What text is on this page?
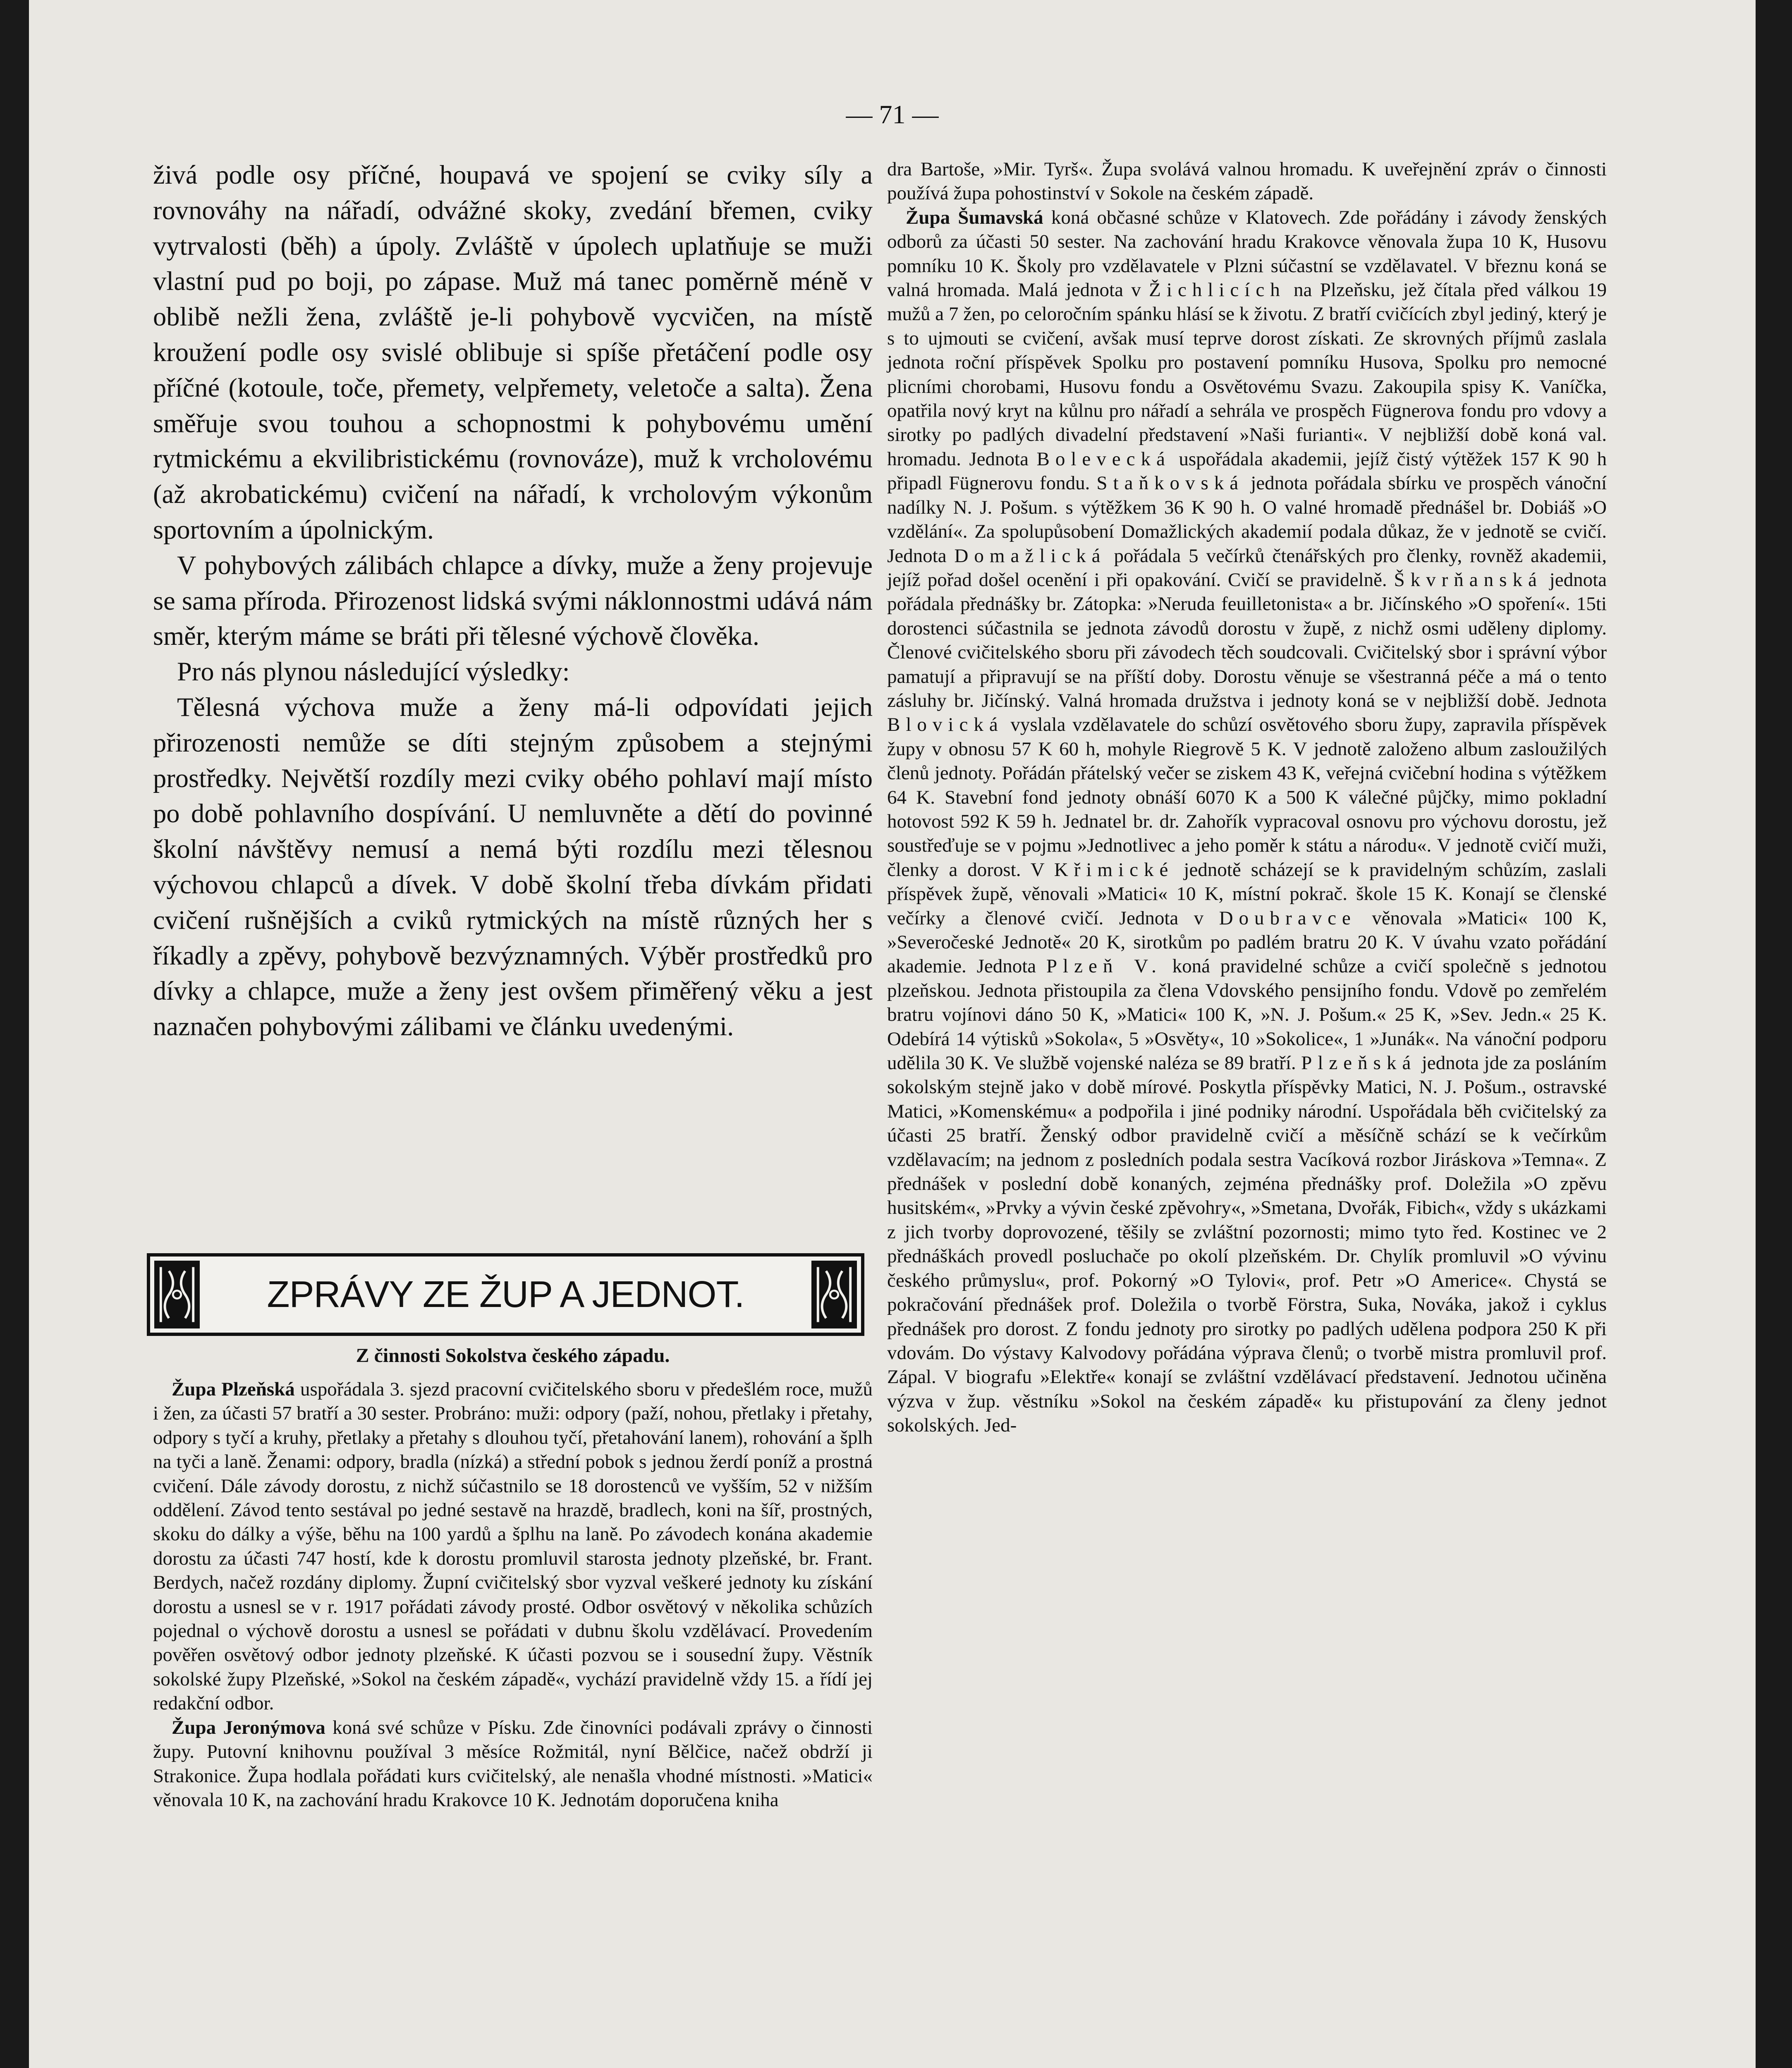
— 71 —

živá podle osy příčné, houpavá ve spojení se cviky síly a rovnováhy na nářadí, odvážné skoky, zvedání břemen, cviky vytrvalosti (běh) a úpoly. Zvláště v úpolech uplatňuje se muži vlastní pud po boji, po zápase. Muž má tanec poměrně méně v oblibě nežli žena, zvláště je-li pohybově vycvičen, na místě kroužení podle osy svislé oblibuje si spíše přetáčení podle osy příčné (kotoule, toče, přemety, velpřemety, veletoče a salta). Žena směřuje svou touhou a schopnostmi k pohybovému umění rytmickému a ekvilibristickému (rovnováze), muž k vrcholovému (až akrobatickému) cvičení na nářadí, k vrcholovým výkonům sportovním a úpolnickým.

V pohybových zálibách chlapce a dívky, muže a ženy projevuje se sama příroda. Přirozenost lidská svými náklonnostmi udává nám směr, kterým máme se bráti při tělesné výchově člověka.

Pro nás plynou následující výsledky:

Tělesná výchova muže a ženy má-li odpovídati jejich přirozenosti nemůže se díti stejným způsobem a stejnými prostředky. Největší rozdíly mezi cviky obého pohlaví mají místo po době pohlavního dospívání. U nemluvněte a dětí do povinné školní návštěvy nemusí a nemá býti rozdílu mezi tělesnou výchovou chlapců a dívek. V době školní třeba dívkám přidati cvičení rušnějších a cviků rytmických na místě různých her s říkadly a zpěvy, pohybově bezvýznamných. Výběr prostředků pro dívky a chlapce, muže a ženy jest ovšem přiměřený věku a jest naznačen pohybovými zálibami ve článku uvedenými.

ZPRÁVY ZE ŽUP A JEDNOT.
Z činnosti Sokolstva českého západu.

Župa Plzeňská uspořádala 3. sjezd pracovní cvičitelského sboru v předešlém roce, mužů i žen, za účasti 57 bratří a 30 sester. Probráno: muži: odpory (paží, nohou, přetlaky i přetahy, odpory s tyčí a kruhy, přetlaky a přetahy s dlouhou tyčí, přetahování lanem), rohování a šplh na tyči a laně. Ženami: odpory, bradla (nízká) a střední pobok s jednou žerdí poníž a prostná cvičení. Dále závody dorostu, z nichž súčastnilo se 18 dorostenců ve vyšším, 52 v nižším oddělení. Závod tento sestával po jedné sestavě na hrazdě, bradlech, koni na šíř, prostných, skoku do dálky a výše, běhu na 100 yardů a šplhu na laně. Po závodech konána akademie dorostu za účasti 747 hostí, kde k dorostu promluvil starosta jednoty plzeňské, br. Frant. Berdych, načež rozdány diplomy. Župní cvičitelský sbor vyzval veškeré jednoty ku získání dorostu a usnesl se v r. 1917 pořádati závody prosté. Odbor osvětový v několika schůzích pojednal o výchově dorostu a usnesl se pořádati v dubnu školu vzdělávací. Provedením pověřen osvětový odbor jednoty plzeňské. K účasti pozvou se i sousední župy. Věstník sokolské župy Plzeňské, »Sokol na českém západě«, vychází pravidelně vždy 15. a řídí jej redakční odbor.

Župa Jeronýmova koná své schůze v Písku. Zde činovníci podávali zprávy o činnosti župy. Putovní knihovnu používal 3 měsíce Rožmitál, nyní Bělčice, načež obdrží ji Strakonice. Župa hodlala pořádati kurs cvičitelský, ale nenašla vhodné místnosti. »Matici« věnovala 10 K, na zachování hradu Krakovce 10 K. Jednotám doporučena kniha

dra Bartoše, »Mir. Tyrš«. Župa svolává valnou hromadu. K uveřejnění zpráv o činnosti používá župa pohostinství v Sokole na českém západě.

Župa Šumavská koná občasné schůze v Klatovech. Zde pořádány i závody ženských odborů za účasti 50 sester. Na zachování hradu Krakovce věnovala župa 10 K, Husovu pomníku 10 K. Školy pro vzdělavatele v Plzni súčastní se vzdělavatel. V březnu koná se valná hromada. Malá jednota v Žichlicích na Plzeňsku, jež čítala před válkou 19 mužů a 7 žen, po celoročním spánku hlásí se k životu. Z bratří cvičících zbyl jediný, který je s to ujmouti se cvičení, avšak musí teprve dorost získati. Ze skrovných příjmů zaslala jednota roční příspěvek Spolku pro postavení pomníku Husova, Spolku pro nemocné plicními chorobami, Husovu fondu a Osvětovému Svazu. Zakoupila spisy K. Vaníčka, opatřila nový kryt na kůlnu pro nářadí a sehrála ve prospěch Fügnerova fondu pro vdovy a sirotky po padlých divadelní představení »Naši furianti«. V nejbližší době koná val. hromadu. Jednota Bolevecká uspořádala akademii, jejíž čistý výtěžek 157 K 90 h připadl Fügnerovu fondu. Staňkovská jednota pořádala sbírku ve prospěch vánoční nadílky N. J. Pošum. s výtěžkem 36 K 90 h. O valné hromadě přednášel br. Dobiáš »O vzdělání«. Za spolupůsobení Domažlických akademií podala důkaz, že v jednotě se cvičí. Jednota Domažlická pořádala 5 večírků čtenářských pro členky, rovněž akademii, jejíž pořad došel ocenění i při opakování. Cvičí se pravidelně. Škvrňanská jednota pořádala přednášky br. Zátopka: »Neruda feuilletonista« a br. Jičínského »O spoření«. 15ti dorostenci súčastnila se jednota závodů dorostu v župě, z nichž osmi uděleny diplomy. Členové cvičitelského sboru při závodech těch soudcovali. Cvičitelský sbor i správní výbor pamatují a připravují se na příští doby. Dorostu věnuje se všestranná péče a má o tento zásluhy br. Jičínský. Valná hromada družstva i jednoty koná se v nejbližší době. Jednota Blovická vyslala vzdělavatele do schůzí osvětového sboru župy, zapravila příspěvek župy v obnosu 57 K 60 h, mohyle Riegrově 5 K. V jednotě založeno album zasloužilých členů jednoty. Pořádán přátelský večer se ziskem 43 K, veřejná cvičební hodina s výtěžkem 64 K. Stavební fond jednoty obnáší 6070 K a 500 K válečné půjčky, mimo pokladní hotovost 592 K 59 h. Jednatel br. dr. Zahořík vypracoval osnovu pro výchovu dorostu, jež soustřeďuje se v pojmu »Jednotlivec a jeho poměr k státu a národu«. V jednotě cvičí muži, členky a dorost. V Křimické jednotě scházejí se k pravidelným schůzím, zaslali příspěvek župě, věnovali »Matici« 10 K, místní pokrač. škole 15 K. Konají se členské večírky a členové cvičí. Jednota v Doubravce věnovala »Matici« 100 K, »Severočeské Jednotě« 20 K, sirotkům po padlém bratru 20 K. V úvahu vzato pořádání akademie. Jednota Plzeň V. koná pravidelné schůze a cvičí společně s jednotou plzeňskou. Jednota přistoupila za člena Vdovského pensijního fondu. Vdově po zemřelém bratru vojínovi dáno 50 K, »Matici« 100 K, »N. J. Pošum.« 25 K, »Sev. Jedn.« 25 K. Odebírá 14 výtisků »Sokola«, 5 »Osvěty«, 10 »Sokolice«, 1 »Junák«. Na vánoční podporu udělila 30 K. Ve službě vojenské naléza se 89 bratří. Plzeňská jednota jde za posláním sokolským stejně jako v době mírové. Poskytla příspěvky Matici, N. J. Pošum., ostravské Matici, »Komenskému« a podpořila i jiné podniky národní. Uspořádala běh cvičitelský za účasti 25 bratří. Ženský odbor pravidelně cvičí a měsíčně schází se k večírkům vzdělavacím; na jednom z posledních podala sestra Vacíková rozbor Jiráskova »Temna«. Z přednášek v poslední době konaných, zejména přednášky prof. Doležila »O zpěvu husitském«, »Prvky a vývin české zpěvohry«, »Smetana, Dvořák, Fibich«, vždy s ukázkami z jich tvorby doprovozené, těšily se zvláštní pozornosti; mimo tyto řed. Kostinec ve 2 přednáškách provedl posluchače po okolí plzeňském. Dr. Chylík promluvil »O vývinu českého průmyslu«, prof. Pokorný »O Tylovi«, prof. Petr »O Americe«. Chystá se pokračování přednášek prof. Doležila o tvorbě Förstra, Suka, Nováka, jakož i cyklus přednášek pro dorost. Z fondu jednoty pro sirotky po padlých udělena podpora 250 K při vdovám. Do výstavy Kalvodovy pořádána výprava členů; o tvorbě mistra promluvil prof. Zápal. V biografu »Elektře« konají se zvláštní vzdělávací představení. Jednotou učiněna výzva v žup. věstníku »Sokol na českém západě« ku přistupování za členy jednot sokolských. Jed-
